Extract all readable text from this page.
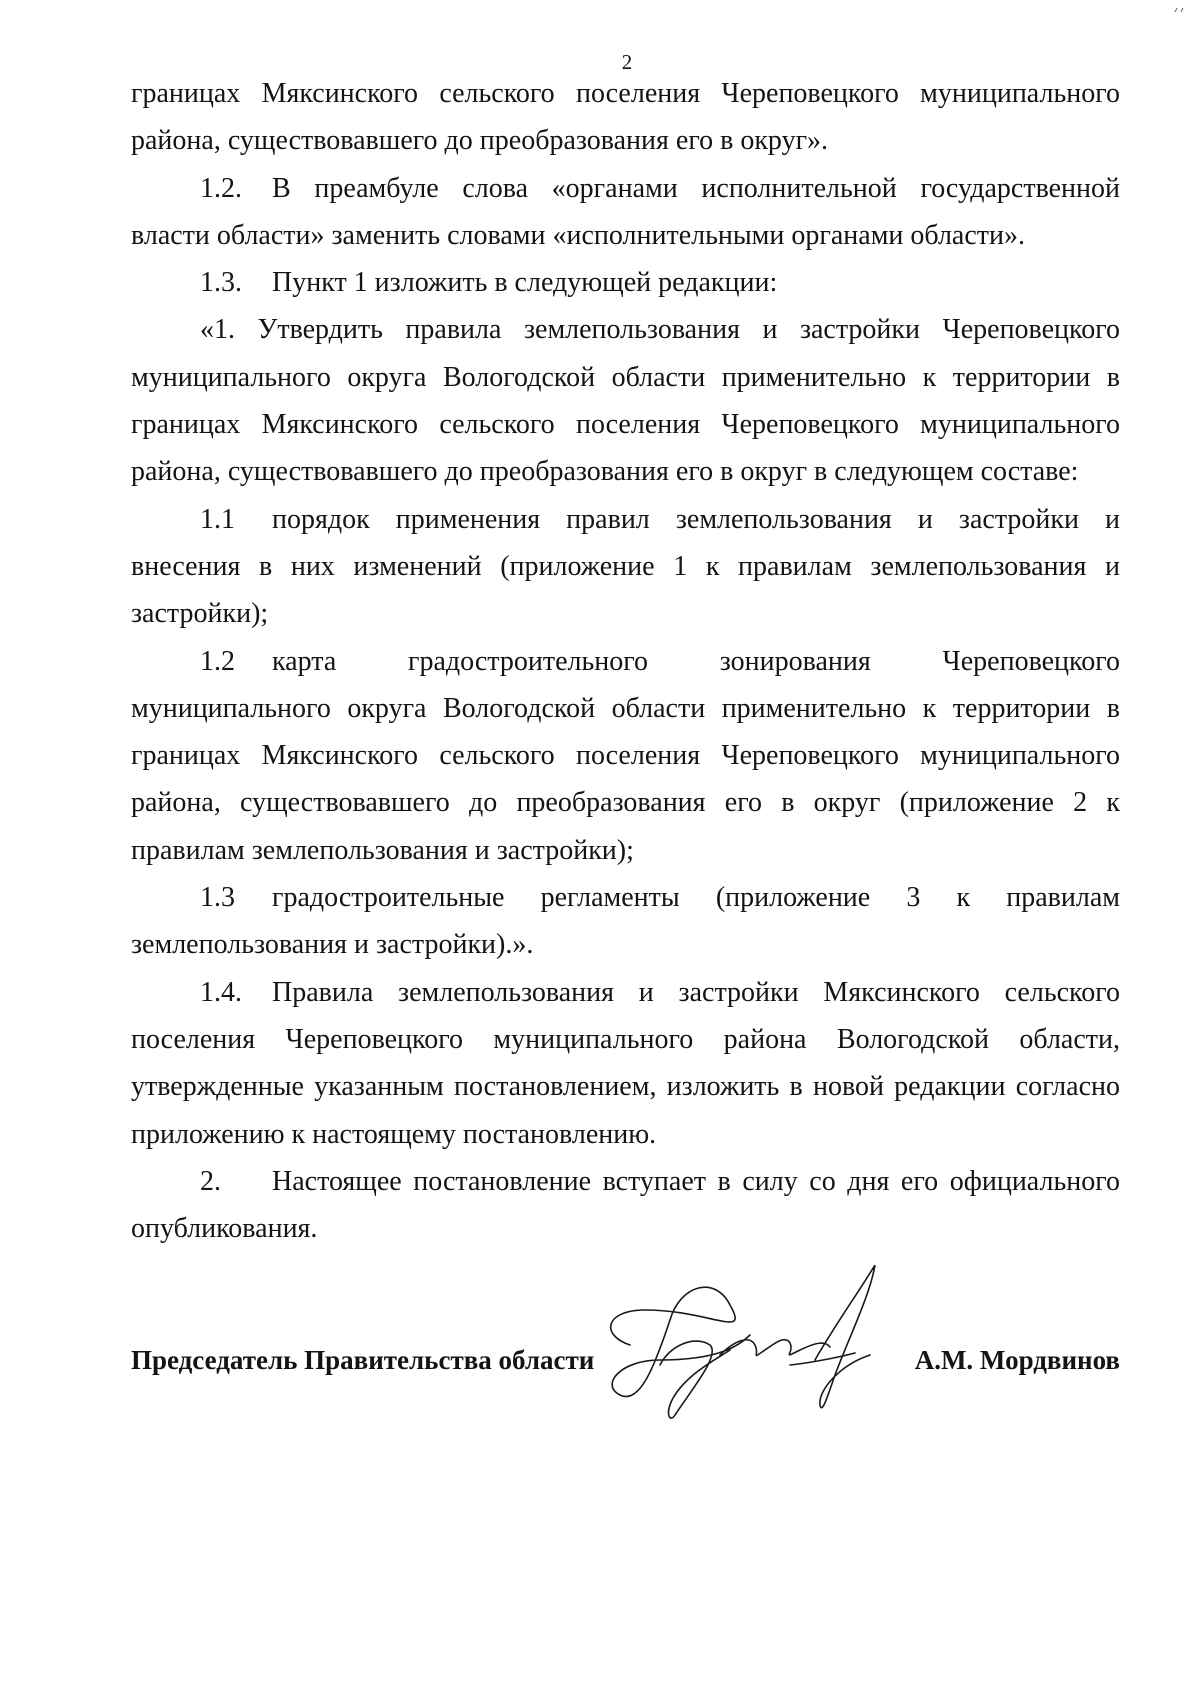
2

границах Мяксинского сельского поселения Череповецкого муниципального района, существовавшего до преобразования его в округ».

1.2. В преамбуле слова «органами исполнительной государственной власти области» заменить словами «исполнительными органами области».

1.3. Пункт 1 изложить в следующей редакции:

«1. Утвердить правила землепользования и застройки Череповецкого муниципального округа Вологодской области применительно к территории в границах Мяксинского сельского поселения Череповецкого муниципального района, существовавшего до преобразования его в округ в следующем составе:

1.1 порядок применения правил землепользования и застройки и внесения в них изменений (приложение 1 к правилам землепользования и застройки);

1.2 карта градостроительного зонирования Череповецкого муниципального округа Вологодской области применительно к территории в границах Мяксинского сельского поселения Череповецкого муниципального района, существовавшего до преобразования его в округ (приложение 2 к правилам землепользования и застройки);

1.3 градостроительные регламенты (приложение 3 к правилам землепользования и застройки).».

1.4. Правила землепользования и застройки Мяксинского сельского поселения Череповецкого муниципального района Вологодской области, утвержденные указанным постановлением, изложить в новой редакции согласно приложению к настоящему постановлению.

2. Настоящее постановление вступает в силу со дня его официального опубликования.

Председатель Правительства области	А.М. Мордвинов
